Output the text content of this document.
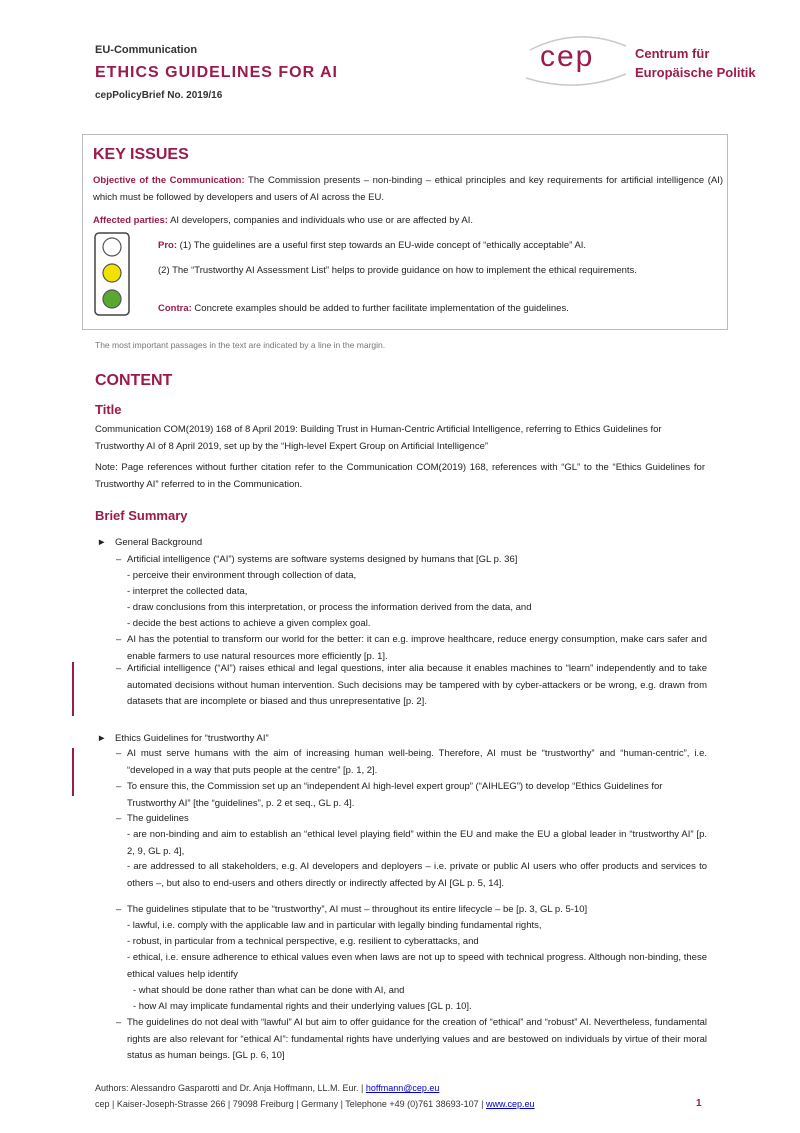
EU-Communication
ETHICS GUIDELINES FOR AI
cepPolicyBrief No. 2019/16
cep	Centrum für
Europäische Politik
KEY ISSUES
Objective of the Communication: The Commission presents – non-binding – ethical principles and key requirements for artificial intelligence (AI) which must be followed by developers and users of AI across the EU.
Affected parties: AI developers, companies and individuals who use or are affected by AI.
Pro: (1) The guidelines are a useful first step towards an EU-wide concept of “ethically acceptable” AI.
(2) The “Trustworthy AI Assessment List” helps to provide guidance on how to implement the ethical requirements.
Contra: Concrete examples should be added to further facilitate implementation of the guidelines.
The most important passages in the text are indicated by a line in the margin.
CONTENT
Title
Communication COM(2019) 168 of 8 April 2019: Building Trust in Human-Centric Artificial Intelligence, referring to Ethics Guidelines for Trustworthy AI of 8 April 2019, set up by the “High-level Expert Group on Artificial Intelligence”
Note: Page references without further citation refer to the Communication COM(2019) 168, references with “GL” to the “Ethics Guidelines for Trustworthy AI” referred to in the Communication.
Brief Summary
► General Background
– Artificial intelligence (“AI”) systems are software systems designed by humans that [GL p. 36]
- perceive their environment through collection of data,
- interpret the collected data,
- draw conclusions from this interpretation, or process the information derived from the data, and
- decide the best actions to achieve a given complex goal.
– AI has the potential to transform our world for the better: it can e.g. improve healthcare, reduce energy consumption, make cars safer and enable farmers to use natural resources more efficiently [p. 1].
– Artificial intelligence (“AI”) raises ethical and legal questions, inter alia because it enables machines to “learn” independently and to take automated decisions without human intervention. Such decisions may be tampered with by cyber-attackers or be wrong, e.g. drawn from datasets that are incomplete or biased and thus unrepresentative [p. 2].
► Ethics Guidelines for “trustworthy AI”
– AI must serve humans with the aim of increasing human well-being. Therefore, AI must be “trustworthy” and “human-centric”, i.e. “developed in a way that puts people at the centre” [p. 1, 2].
– To ensure this, the Commission set up an “independent AI high-level expert group” (“AIHLEG”) to develop “Ethics Guidelines for Trustworthy AI” [the “guidelines”, p. 2 et seq., GL p. 4].
– The guidelines
- are non-binding and aim to establish an “ethical level playing field” within the EU and make the EU a global leader in “trustworthy AI” [p. 2, 9, GL p. 4],
- are addressed to all stakeholders, e.g. AI developers and deployers – i.e. private or public AI users who offer products and services to others –, but also to end-users and others directly or indirectly affected by AI [GL p. 5, 14].
– The guidelines stipulate that to be “trustworthy”, AI must – throughout its entire lifecycle – be [p. 3, GL p. 5-10]
- lawful, i.e. comply with the applicable law and in particular with legally binding fundamental rights,
- robust, in particular from a technical perspective, e.g. resilient to cyberattacks, and
- ethical, i.e. ensure adherence to ethical values even when laws are not up to speed with technical progress. Although non-binding, these ethical values help identify
- what should be done rather than what can be done with AI, and
- how AI may implicate fundamental rights and their underlying values [GL p. 10].
– The guidelines do not deal with “lawful” AI but aim to offer guidance for the creation of “ethical” and “robust” AI. Nevertheless, fundamental rights are also relevant for “ethical AI”: fundamental rights have underlying values and are bestowed on individuals by virtue of their moral status as human beings. [GL p. 6, 10]
Authors: Alessandro Gasparotti and Dr. Anja Hoffmann, LL.M. Eur. | hoffmann@cep.eu
cep | Kaiser-Joseph-Strasse 266 | 79098 Freiburg | Germany | Telephone +49 (0)761 38693-107 | www.cep.eu	1
